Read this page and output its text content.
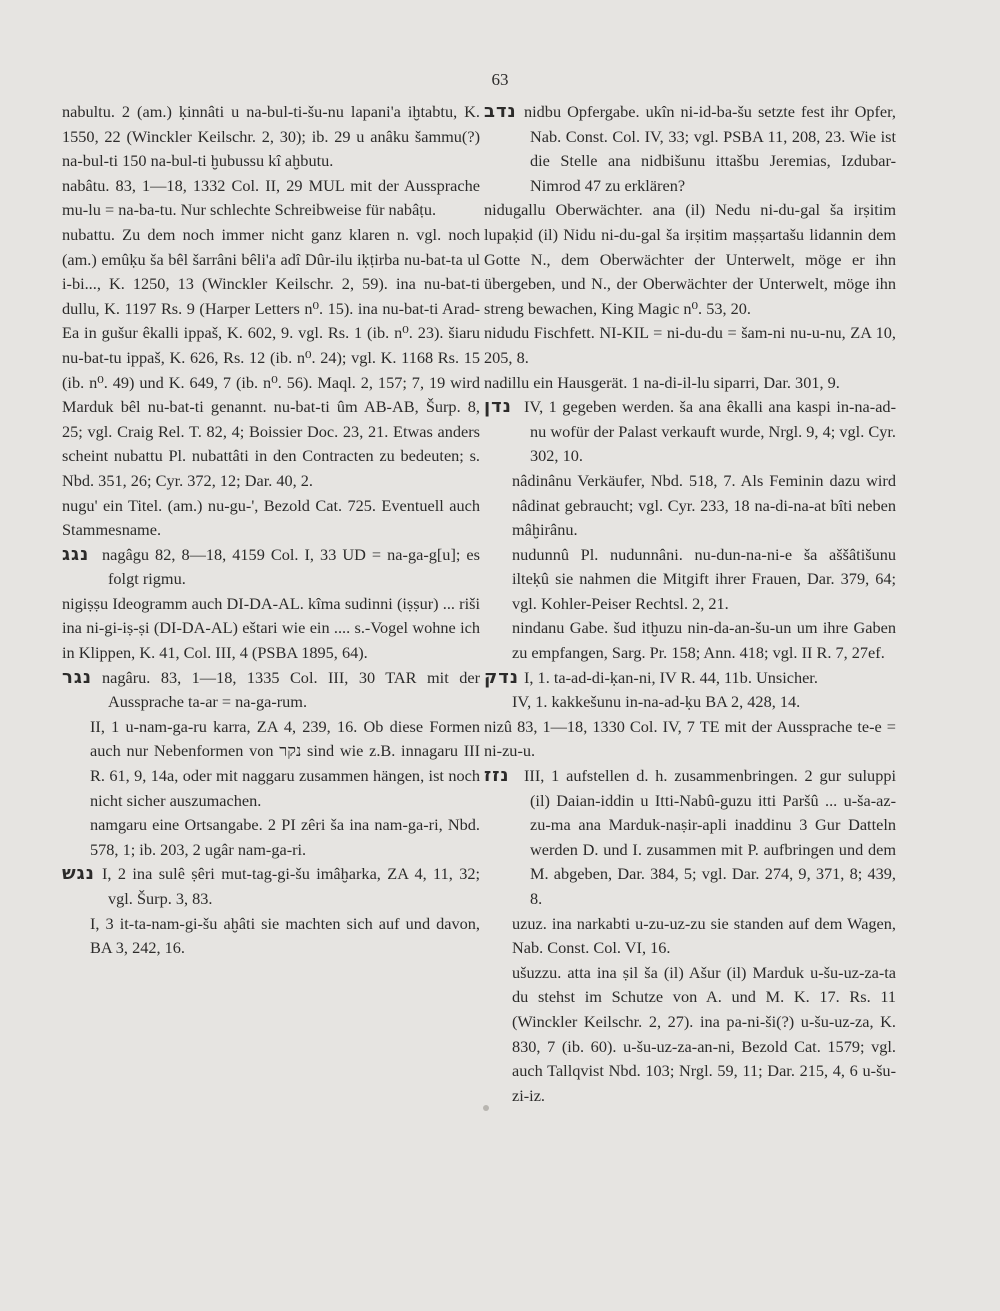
63

nabultu. 2 (am.) ḳinnâti u na-bul-ti-šu-nu lapani'a iḫtabtu, K. 1550, 22 (Winckler Keilschr. 2, 30); ib. 29 u anâku šammu(?) na-bul-ti 150 na-bul-ti ḫubussu kî aḫbutu.

nabâtu. 83, 1—18, 1332 Col. II, 29 MUL mit der Aussprache mu-lu = na-ba-tu. Nur schlechte Schreibweise für nabâṭu.

nubattu. Zu dem noch immer nicht ganz klaren n. vgl. noch (am.) emûḳu ša bêl šarrâni bêli'a adî Dûr-ilu iḳṭirba nu-bat-ta ul i-bi..., K. 1250, 13 (Winckler Keilschr. 2, 59). ina nu-bat-ti dullu, K. 1197 Rs. 9 (Harper Letters n⁰. 15). ina nu-bat-ti Arad-Ea in gušur êkalli ippaš, K. 602, 9. vgl. Rs. 1 (ib. n⁰. 23). šiaru nu-bat-tu ippaš, K. 626, Rs. 12 (ib. n⁰. 24); vgl. K. 1168 Rs. 15 (ib. n⁰. 49) und K. 649, 7 (ib. n⁰. 56). Maql. 2, 157; 7, 19 wird Marduk bêl nu-bat-ti genannt. nu-bat-ti ûm AB-AB, Šurp. 8, 25; vgl. Craig Rel. T. 82, 4; Boissier Doc. 23, 21. Etwas anders scheint nubattu Pl. nubattâti in den Contracten zu bedeuten; s. Nbd. 351, 26; Cyr. 372, 12; Dar. 40, 2.

nugu' ein Titel. (am.) nu-gu-', Bezold Cat. 725. Eventuell auch Stammesname.

נגג nagâgu 82, 8—18, 4159 Col. I, 33 UD = na-ga-g[u]; es folgt rigmu.

nigiṣṣu Ideogramm auch DI-DA-AL. kîma sudinni (iṣṣur) ... riši ina ni-gi-iṣ-ṣi (DI-DA-AL) eštari wie ein .... s.-Vogel wohne ich in Klippen, K. 41, Col. III, 4 (PSBA 1895, 64).

נגר nagâru. 83, 1—18, 1335 Col. III, 30 TAR mit der Aussprache ta-ar = na-ga-rum.

II, 1 u-nam-ga-ru karra, ZA 4, 239, 16. Ob diese Formen auch nur Nebenformen von נקר sind wie z.B. innagaru III R. 61, 9, 14a, oder mit naggaru zusammen hängen, ist noch nicht sicher auszumachen.

namgaru eine Ortsangabe. 2 PI zêri ša ina nam-ga-ri, Nbd. 578, 1; ib. 203, 2 ugâr nam-ga-ri.

נגש I, 2 ina sulê ṣêri mut-tag-gi-šu imâḫarka, ZA 4, 11, 32; vgl. Šurp. 3, 83.

I, 3 it-ta-nam-gi-šu aḫâti sie machten sich auf und davon, BA 3, 242, 16.

נדב nidbu Opfergabe. ukîn ni-id-ba-šu setzte fest ihr Opfer, Nab. Const. Col. IV, 33; vgl. PSBA 11, 208, 23. Wie ist die Stelle ana nidbišunu ittašbu Jeremias, Izdubar-Nimrod 47 zu erklären?

nidugallu Oberwächter. ana (il) Nedu ni-du-gal ša irṣitim lupaḳid (il) Nidu ni-du-gal ša irṣitim maṣṣartašu lidannin dem Gotte N., dem Oberwächter der Unterwelt, möge er ihn übergeben, und N., der Oberwächter der Unterwelt, möge ihn streng bewachen, King Magic n⁰. 53, 20.

nidudu Fischfett. NI-KIL = ni-du-du = šam-ni nu-u-nu, ZA 10, 205, 8.

nadillu ein Hausgerät. 1 na-di-il-lu siparri, Dar. 301, 9.

נדן IV, 1 gegeben werden. ša ana êkalli ana kaspi in-na-ad-nu wofür der Palast verkauft wurde, Nrgl. 9, 4; vgl. Cyr. 302, 10.

nâdinânu Verkäufer, Nbd. 518, 7. Als Feminin dazu wird nâdinat gebraucht; vgl. Cyr. 233, 18 na-di-na-at bîti neben mâḫirânu.

nudunnû Pl. nudunnâni. nu-dun-na-ni-e ša aššâtišunu ilteḳû sie nahmen die Mitgift ihrer Frauen, Dar. 379, 64; vgl. Kohler-Peiser Rechtsl. 2, 21.

nindanu Gabe. šud itḫuzu nin-da-an-šu-un um ihre Gaben zu empfangen, Sarg. Pr. 158; Ann. 418; vgl. II R. 7, 27ef.

נדק I, 1. ta-ad-di-ḳan-ni, IV R. 44, 11b. Unsicher.

IV, 1. kakkešunu in-na-ad-ḳu BA 2, 428, 14.

nizû 83, 1—18, 1330 Col. IV, 7 TE mit der Aussprache te-e = ni-zu-u.

נזז III, 1 aufstellen d. h. zusammenbringen. 2 gur suluppi (il) Daian-iddin u Itti-Nabû-guzu itti Paršû ... u-ša-az-zu-ma ana Marduk-naṣir-apli inaddinu 3 Gur Datteln werden D. und I. zusammen mit P. aufbringen und dem M. abgeben, Dar. 384, 5; vgl. Dar. 274, 9, 371, 8; 439, 8.

uzuz. ina narkabti u-zu-uz-zu sie standen auf dem Wagen, Nab. Const. Col. VI, 16.

ušuzzu. atta ina ṣil ša (il) Ašur (il) Marduk u-šu-uz-za-ta du stehst im Schutze von A. und M. K. 17. Rs. 11 (Winckler Keilschr. 2, 27). ina pa-ni-ši(?) u-šu-uz-za, K. 830, 7 (ib. 60). u-šu-uz-za-an-ni, Bezold Cat. 1579; vgl. auch Tallqvist Nbd. 103; Nrgl. 59, 11; Dar. 215, 4, 6 u-šu-zi-iz.
